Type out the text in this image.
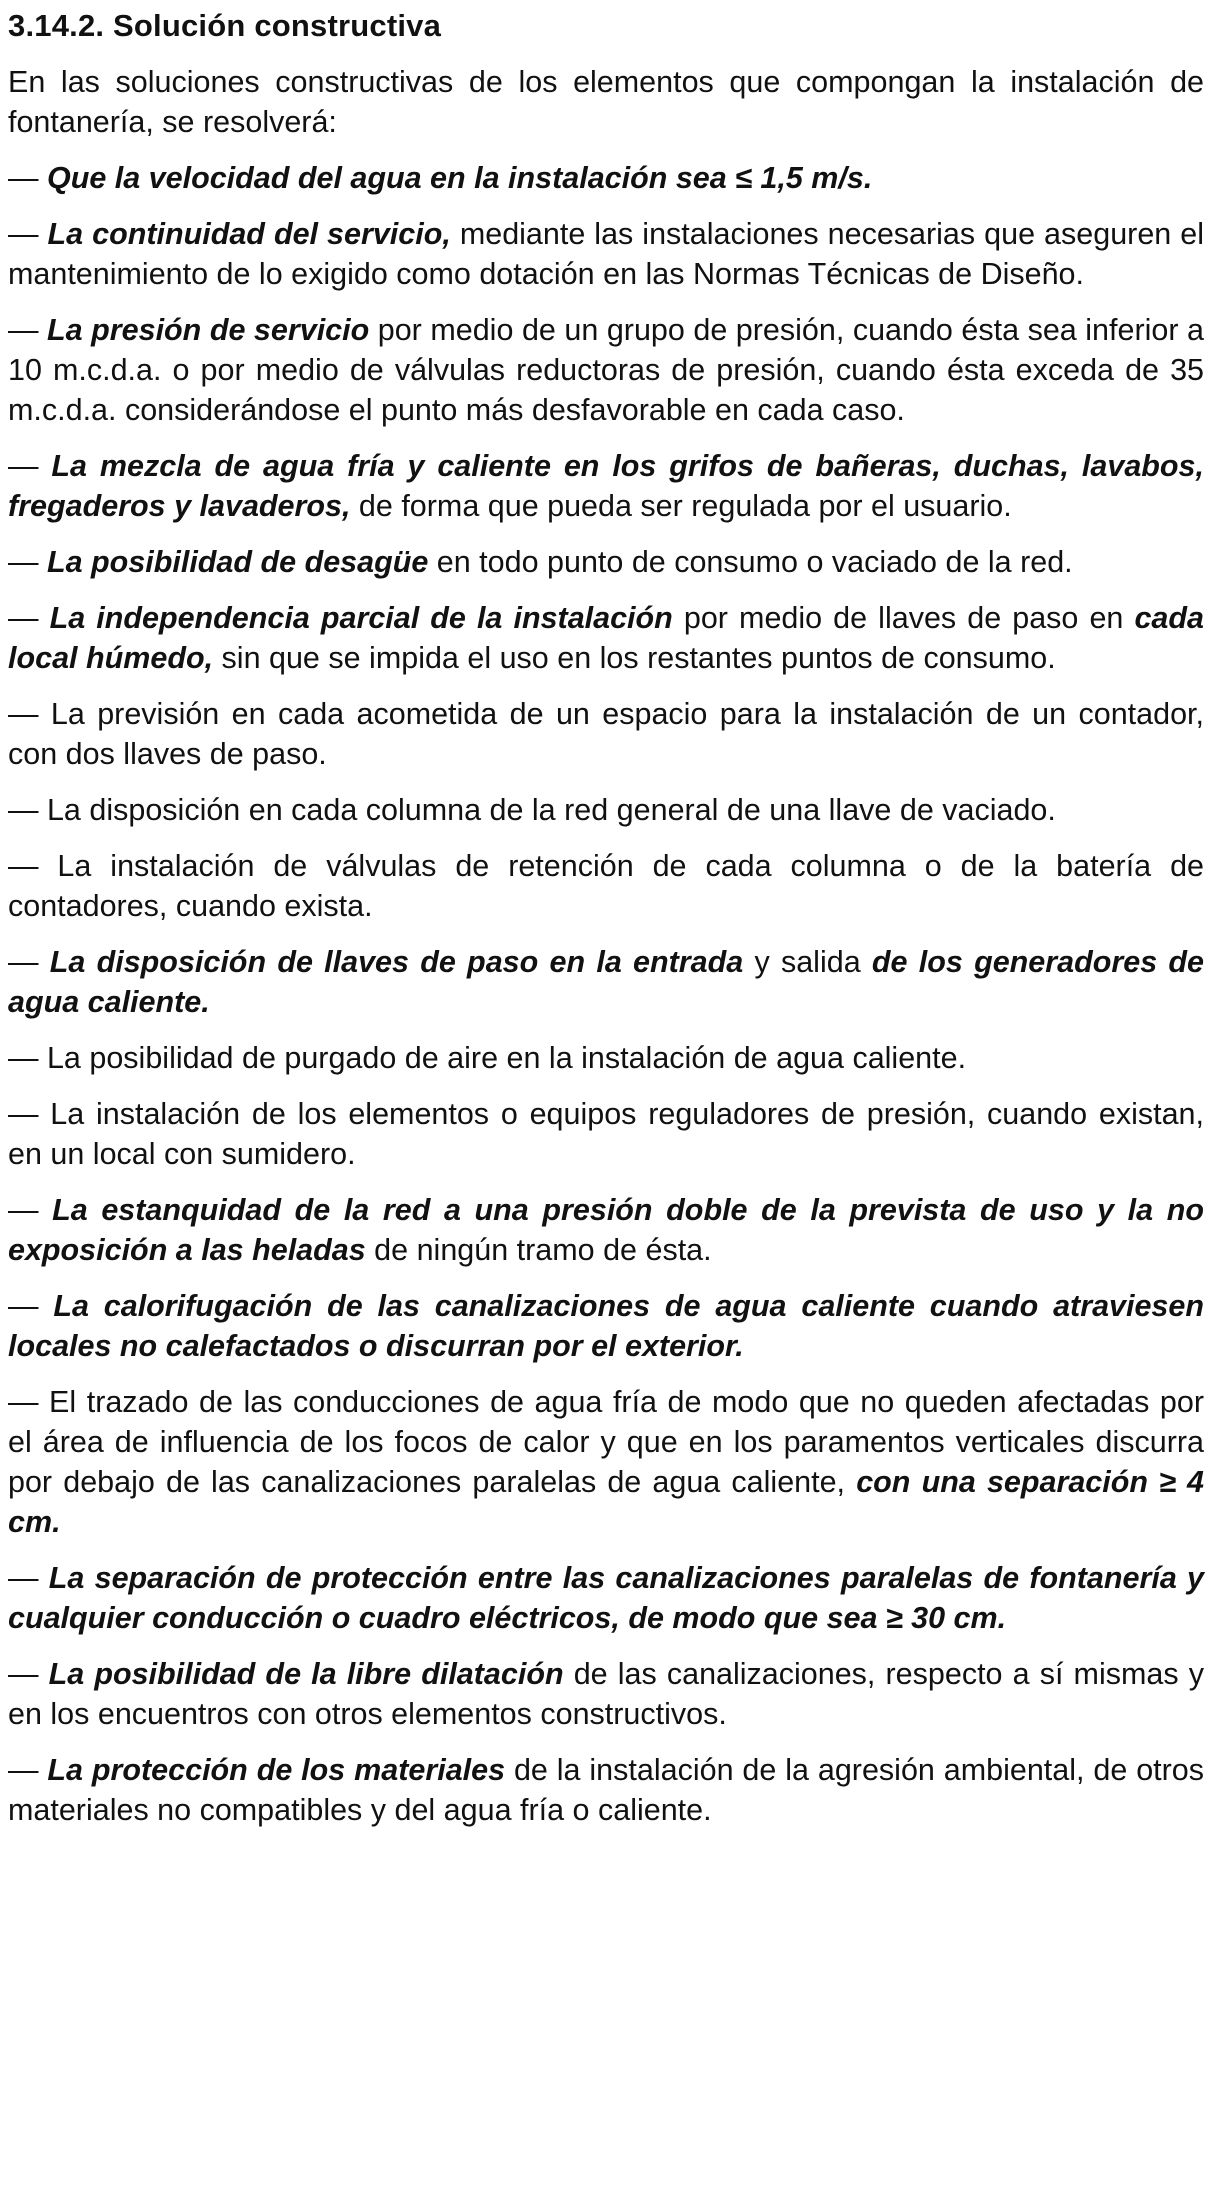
3.14.2. Solución constructiva

En las soluciones constructivas de los elementos que compongan la instalación de fontanería, se resolverá:

— Que la velocidad del agua en la instalación sea ≤ 1,5 m/s.

— La continuidad del servicio, mediante las instalaciones necesarias que aseguren el mantenimiento de lo exigido como dotación en las Normas Técnicas de Diseño.

— La presión de servicio por medio de un grupo de presión, cuando ésta sea inferior a 10 m.c.d.a. o por medio de válvulas reductoras de presión, cuando ésta exceda de 35 m.c.d.a. considerándose el punto más desfavorable en cada caso.

— La mezcla de agua fría y caliente en los grifos de bañeras, duchas, lavabos, fregaderos y lavaderos, de forma que pueda ser regulada por el usuario.

— La posibilidad de desagüe en todo punto de consumo o vaciado de la red.

— La independencia parcial de la instalación por medio de llaves de paso en cada local húmedo, sin que se impida el uso en los restantes puntos de consumo.

— La previsión en cada acometida de un espacio para la instalación de un contador, con dos llaves de paso.

— La disposición en cada columna de la red general de una llave de vaciado.

— La instalación de válvulas de retención de cada columna o de la batería de contadores, cuando exista.

— La disposición de llaves de paso en la entrada y salida de los generadores de agua caliente.

— La posibilidad de purgado de aire en la instalación de agua caliente.

— La instalación de los elementos o equipos reguladores de presión, cuando existan, en un local con sumidero.

— La estanquidad de la red a una presión doble de la prevista de uso y la no exposición a las heladas de ningún tramo de ésta.

— La calorifugación de las canalizaciones de agua caliente cuando atraviesen locales no calefactados o discurran por el exterior.

— El trazado de las conducciones de agua fría de modo que no queden afectadas por el área de influencia de los focos de calor y que en los paramentos verticales discurra por debajo de las canalizaciones paralelas de agua caliente, con una separación ≥ 4 cm.

— La separación de protección entre las canalizaciones paralelas de fontanería y cualquier conducción o cuadro eléctricos, de modo que sea ≥ 30 cm.

— La posibilidad de la libre dilatación de las canalizaciones, respecto a sí mismas y en los encuentros con otros elementos constructivos.

— La protección de los materiales de la instalación de la agresión ambiental, de otros materiales no compatibles y del agua fría o caliente.
